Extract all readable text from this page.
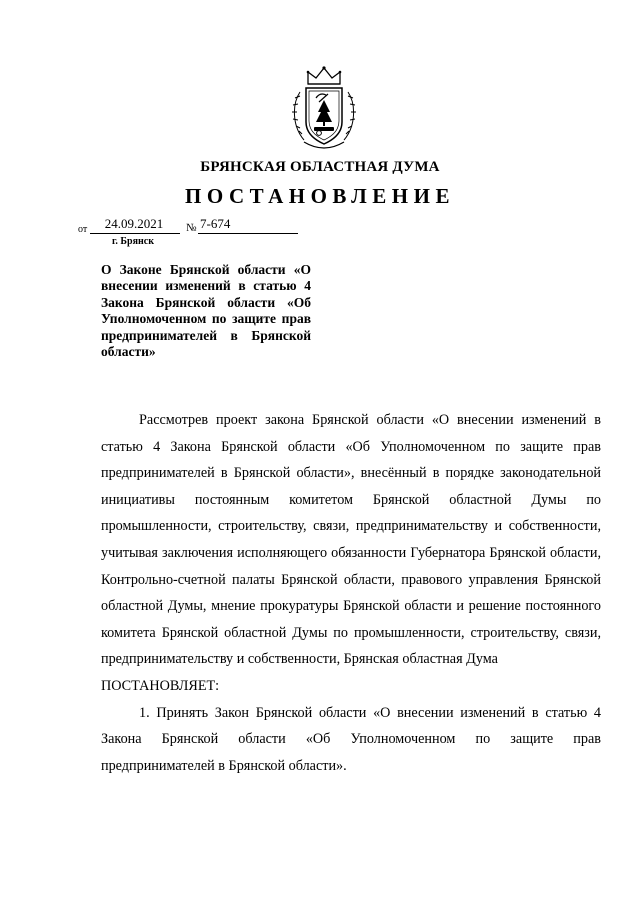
БРЯНСКАЯ ОБЛАСТНАЯ ДУМА
ПОСТАНОВЛЕНИЕ
от	24.09.2021	№ 7-674
г. Брянск
О Законе Брянской области «О внесении изменений в статью 4 Закона Брянской области «Об Уполномоченном по защите прав предпринимателей в Брянской области»

Рассмотрев проект закона Брянской области «О внесении изменений в статью 4 Закона Брянской области «Об Уполномоченном по защите прав предпринимателей в Брянской области», внесённый в порядке законодательной инициативы постоянным комитетом Брянской областной Думы по промышленности, строительству, связи, предпринимательству и собственности, учитывая заключения исполняющего обязанности Губернатора Брянской области, Контрольно-счетной палаты Брянской области, правового управления Брянской областной Думы, мнение прокуратуры Брянской области и решение постоянного комитета Брянской областной Думы по промышленности, строительству, связи, предпринимательству и собственности, Брянская областная Дума

ПОСТАНОВЛЯЕТ:

1. Принять Закон Брянской области «О внесении изменений в статью 4 Закона Брянской области «Об Уполномоченном по защите прав предпринимателей в Брянской области».
